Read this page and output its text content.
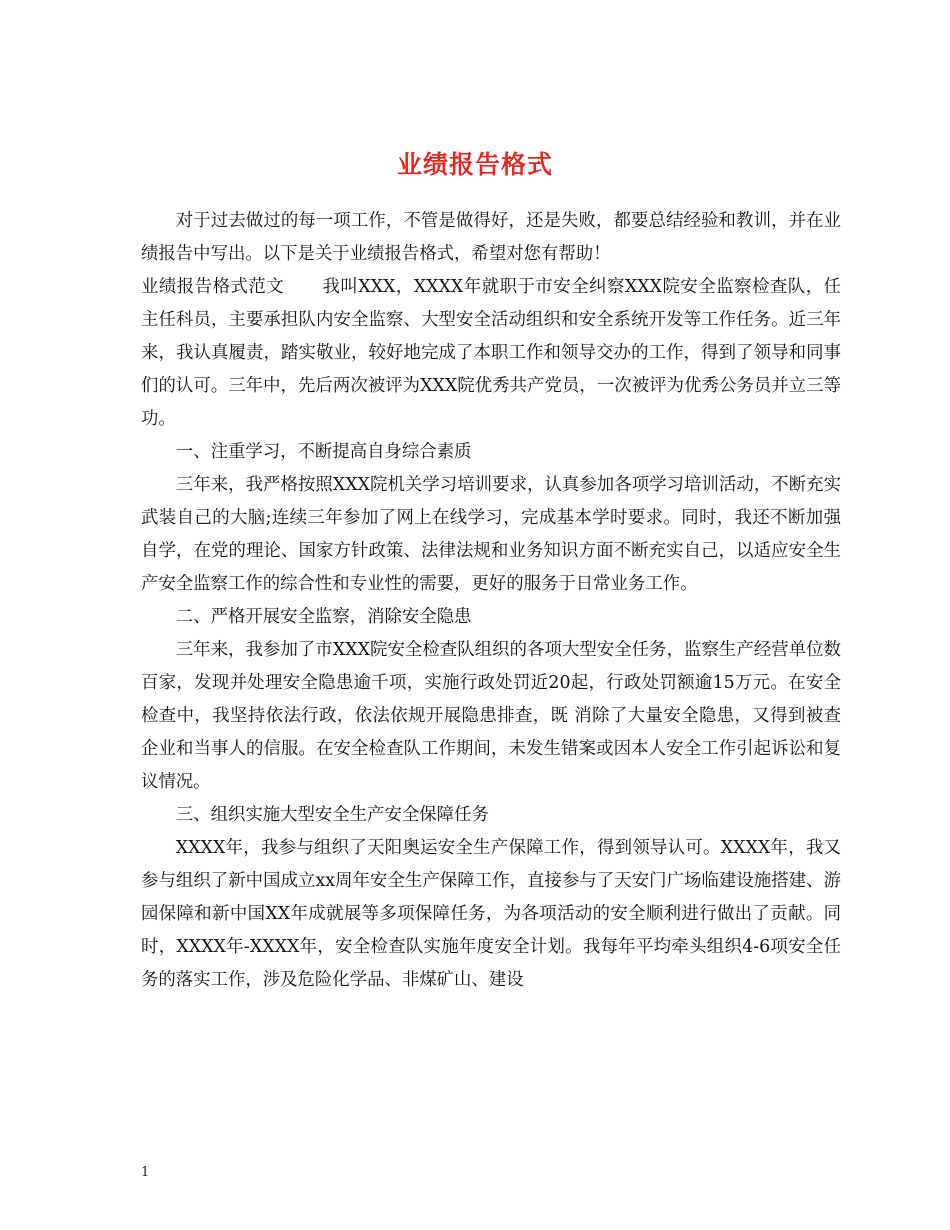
业绩报告格式

对于过去做过的每一项工作，不管是做得好，还是失败，都要总结经验和教训，并在业绩报告中写出。以下是关于业绩报告格式，希望对您有帮助！

业绩报告格式范文 我叫XXX，XXXX年就职于市安全纠察XXX院安全监察检查队，任主任科员，主要承担队内安全监察、大型安全活动组织和安全系统开发等工作任务。近三年来，我认真履责，踏实敬业，较好地完成了本职工作和领导交办的工作，得到了领导和同事们的认可。三年中，先后两次被评为XXX院优秀共产党员，一次被评为优秀公务员并立三等功。

一、注重学习，不断提高自身综合素质

三年来，我严格按照XXX院机关学习培训要求，认真参加各项学习培训活动，不断充实武装自己的大脑;连续三年参加了网上在线学习，完成基本学时要求。同时，我还不断加强自学，在党的理论、国家方针政策、法律法规和业务知识方面不断充实自己，以适应安全生产安全监察工作的综合性和专业性的需要，更好的服务于日常业务工作。

二、严格开展安全监察，消除安全隐患

三年来，我参加了市XXX院安全检查队组织的各项大型安全任务，监察生产经营单位数百家，发现并处理安全隐患逾千项，实施行政处罚近20起，行政处罚额逾15万元。在安全检查中，我坚持依法行政，依法依规开展隐患排查，既 消除了大量安全隐患，又得到被查企业和当事人的信服。在安全检查队工作期间，未发生错案或因本人安全工作引起诉讼和复议情况。

三、组织实施大型安全生产安全保障任务

XXXX年，我参与组织了天阳奥运安全生产保障工作，得到领导认可。XXXX年，我又参与组织了新中国成立xx周年安全生产保障工作，直接参与了天安门广场临建设施搭建、游园保障和新中国XX年成就展等多项保障任务，为各项活动的安全顺利进行做出了贡献。同时，XXXX年-XXXX年，安全检查队实施年度安全计划。我每年平均牵头组织4-6项安全任务的落实工作，涉及危险化学品、非煤矿山、建设

1
